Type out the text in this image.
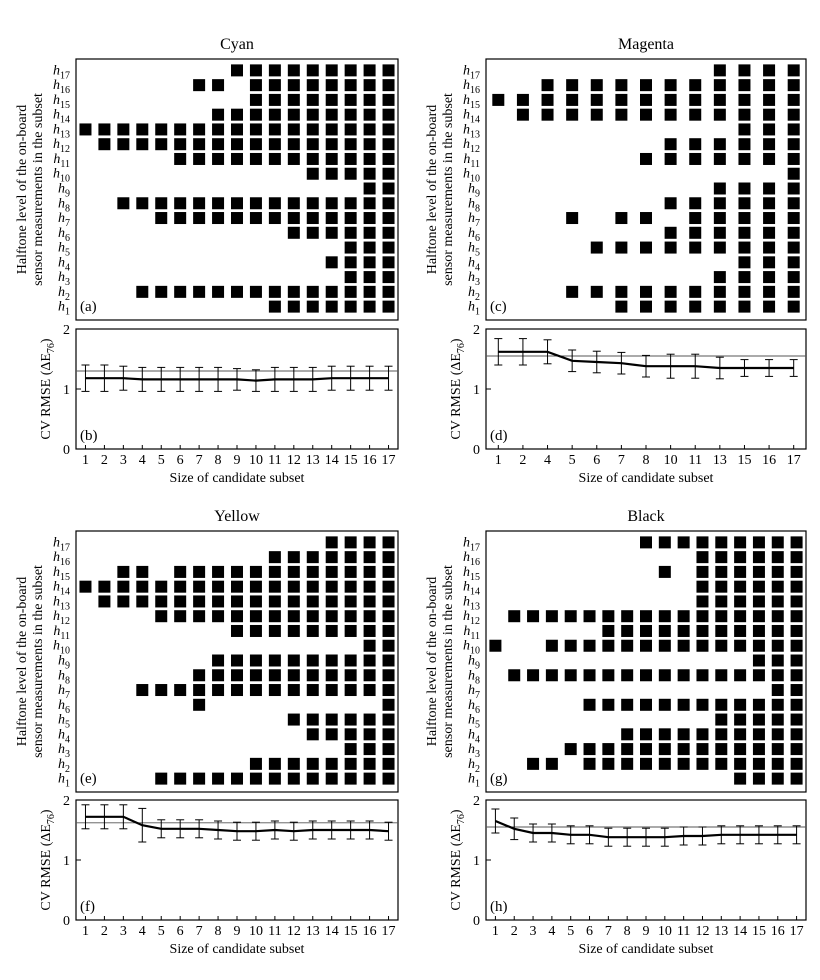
Cyan
$h_1$
$h_2$
$h_3$
$h_4$
$h_5$
$h_6$
$h_7$
$h_8$
$h_9$
$h_{10}$
$h_{11}$
$h_{12}$
$h_{13}$
$h_{14}$
$h_{15}$
$h_{16}$
$h_{17}$
(a)
Halftone level of the on-board sensor measurements in the subset
0
1
2
1 2 3 4 5 6 7 8 9 10 11 12 13 14 15 16 17
(b)
CV RMSE $(\Delta E_{76})$
Size of candidate subset
Magenta
$h_1$
$h_2$
$h_3$
$h_4$
$h_5$
$h_6$
$h_7$
$h_8$
$h_9$
$h_{10}$
$h_{11}$
$h_{12}$
$h_{13}$
$h_{14}$
$h_{15}$
$h_{16}$
$h_{17}$
(c)
Halftone level of the on-board sensor measurements in the subset
0
1
2
1 2 4 5 6 7 8 10 11 13 15 16 17
(d)
CV RMSE $(\Delta E_{76})$
Size of candidate subset
Yellow
$h_1$
$h_2$
$h_3$
$h_4$
$h_5$
$h_6$
$h_7$
$h_8$
$h_9$
$h_{10}$
$h_{11}$
$h_{12}$
$h_{13}$
$h_{14}$
$h_{15}$
$h_{16}$
$h_{17}$
(e)
Halftone level of the on-board sensor measurements in the subset
0
1
2
1 2 3 4 5 6 7 8 9 10 11 12 13 14 15 16 17
(f)
CV RMSE $(\Delta E_{76})$
Size of candidate subset
Black
$h_1$
$h_2$
$h_3$
$h_4$
$h_5$
$h_6$
$h_7$
$h_8$
$h_9$
$h_{10}$
$h_{11}$
$h_{12}$
$h_{13}$
$h_{14}$
$h_{15}$
$h_{16}$
$h_{17}$
(g)
Halftone level of the on-board sensor measurements in the subset
0
1
2
1 2 3 4 5 6 7 8 9 10 11 12 13 14 15 16 17
(h)
CV RMSE $(\Delta E_{76})$
Size of candidate subset
